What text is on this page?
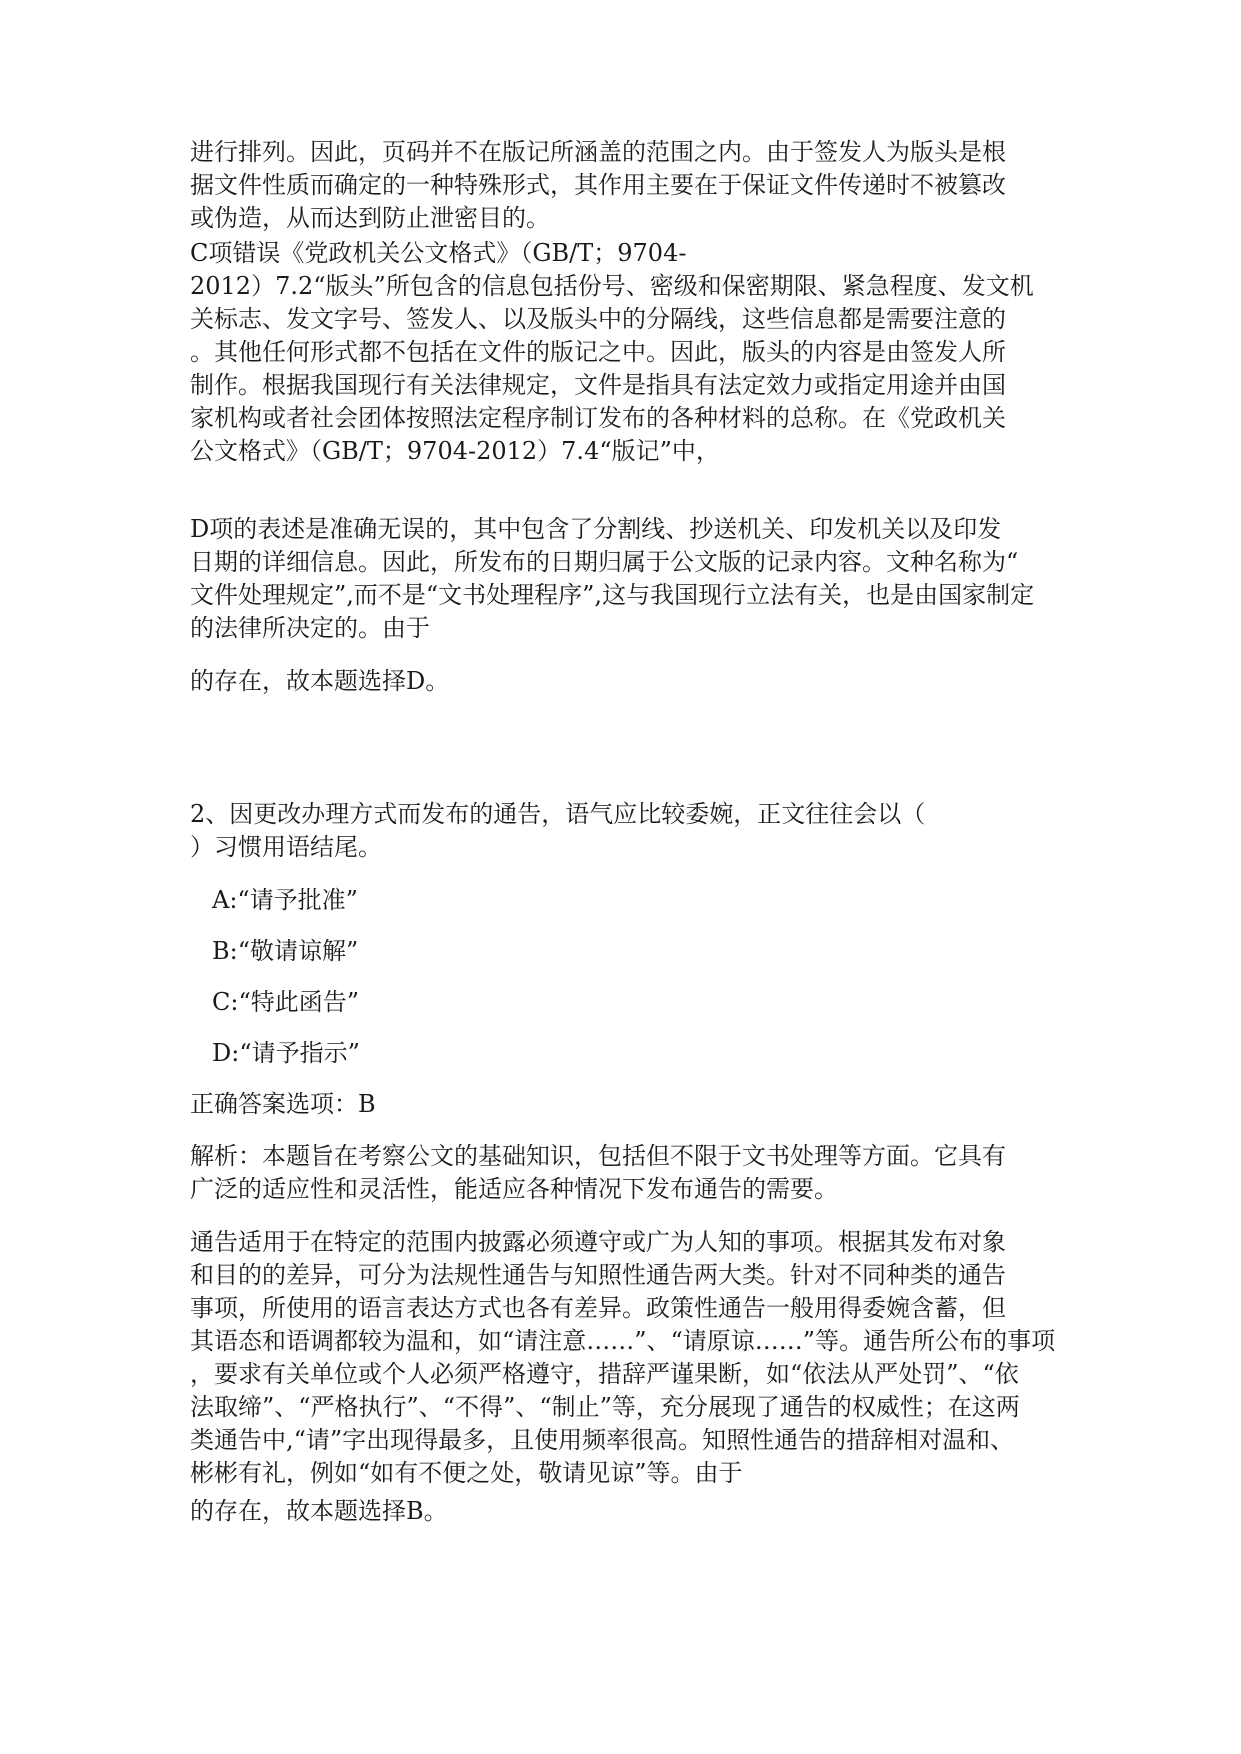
进行排列。因此，页码并不在版记所涵盖的范围之内。由于签发人为版头是根
据文件性质而确定的一种特殊形式，其作用主要在于保证文件传递时不被篡改
或伪造，从而达到防止泄密目的。
C项错误《党政机关公文格式》（GB/T；9704-
2012）7.2“版头”所包含的信息包括份号、密级和保密期限、紧急程度、发文机
关标志、发文字号、签发人、以及版头中的分隔线，这些信息都是需要注意的
。其他任何形式都不包括在文件的版记之中。因此，版头的内容是由签发人所
制作。根据我国现行有关法律规定，文件是指具有法定效力或指定用途并由国
家机构或者社会团体按照法定程序制订发布的各种材料的总称。在《党政机关
公文格式》（GB/T；9704-2012）7.4“版记”中，
D项的表述是准确无误的，其中包含了分割线、抄送机关、印发机关以及印发
日期的详细信息。因此，所发布的日期归属于公文版的记录内容。文种名称为“
文件处理规定”,而不是“文书处理程序”,这与我国现行立法有关，也是由国家制定
的法律所决定的。由于
的存在，故本题选择D。
2、因更改办理方式而发布的通告，语气应比较委婉，正文往往会以（
）习惯用语结尾。
A:“请予批准”
B:“敬请谅解”
C:“特此函告”
D:“请予指示”
正确答案选项：B
解析：本题旨在考察公文的基础知识，包括但不限于文书处理等方面。它具有
广泛的适应性和灵活性，能适应各种情况下发布通告的需要。
通告适用于在特定的范围内披露必须遵守或广为人知的事项。根据其发布对象
和目的的差异，可分为法规性通告与知照性通告两大类。针对不同种类的通告
事项，所使用的语言表达方式也各有差异。政策性通告一般用得委婉含蓄，但
其语态和语调都较为温和，如“请注意……”、“请原谅……”等。通告所公布的事项
，要求有关单位或个人必须严格遵守，措辞严谨果断，如“依法从严处罚”、“依
法取缔”、“严格执行”、“不得”、“制止”等，充分展现了通告的权威性；在这两
类通告中,“请”字出现得最多，且使用频率很高。知照性通告的措辞相对温和、
彬彬有礼，例如“如有不便之处，敬请见谅”等。由于
的存在，故本题选择B。
